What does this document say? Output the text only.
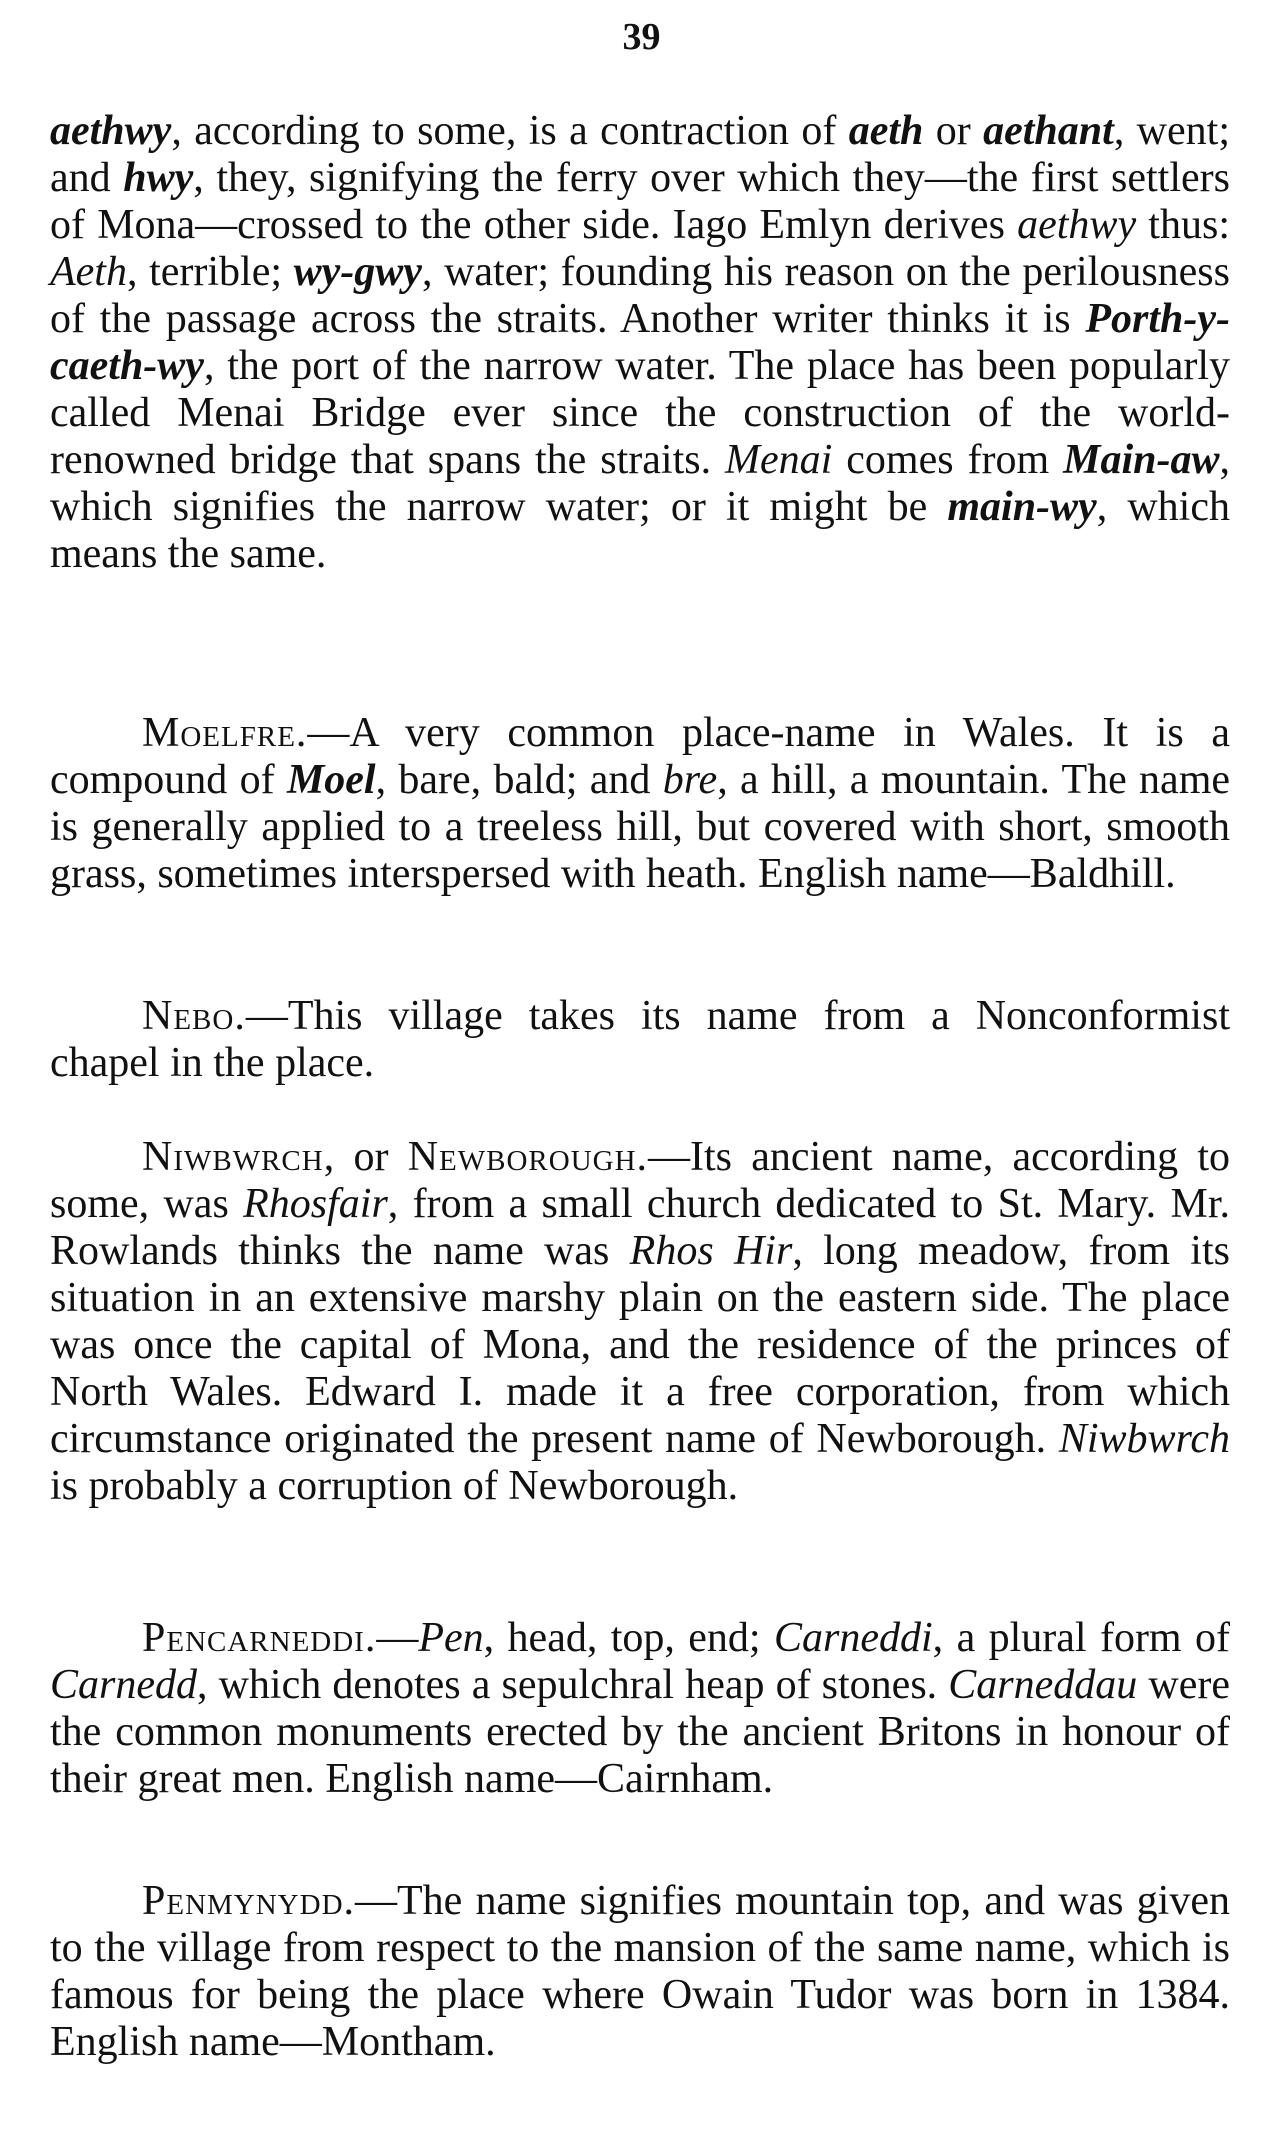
39

aethwy, according to some, is a contraction of aeth or aethant, went; and hwy, they, signifying the ferry over which they—the first settlers of Mona—crossed to the other side. Iago Emlyn derives aethwy thus: Aeth, terrible; wy-gwy, water; founding his reason on the perilousness of the passage across the straits. Another writer thinks it is Porth-y-caeth-wy, the port of the narrow water. The place has been popularly called Menai Bridge ever since the construction of the world-renowned bridge that spans the straits. Menai comes from Main-aw, which signifies the narrow water; or it might be main-wy, which means the same.

Moelfre.—A very common place-name in Wales. It is a compound of Moel, bare, bald; and bre, a hill, a mountain. The name is generally applied to a treeless hill, but covered with short, smooth grass, sometimes interspersed with heath. English name—Baldhill.

Nebo.—This village takes its name from a Nonconformist chapel in the place.

Niwbwrch, or Newborough.—Its ancient name, according to some, was Rhosfair, from a small church dedicated to St. Mary. Mr. Rowlands thinks the name was Rhos Hir, long meadow, from its situation in an extensive marshy plain on the eastern side. The place was once the capital of Mona, and the residence of the princes of North Wales. Edward I. made it a free corporation, from which circumstance originated the present name of Newborough. Niwbwrch is probably a corruption of Newborough.

Pencarneddi.—Pen, head, top, end; Carneddi, a plural form of Carnedd, which denotes a sepulchral heap of stones. Carneddau were the common monuments erected by the ancient Britons in honour of their great men. English name—Cairnham.

Penmynydd.—The name signifies mountain top, and was given to the village from respect to the mansion of the same name, which is famous for being the place where Owain Tudor was born in 1384. English name—Montham.
